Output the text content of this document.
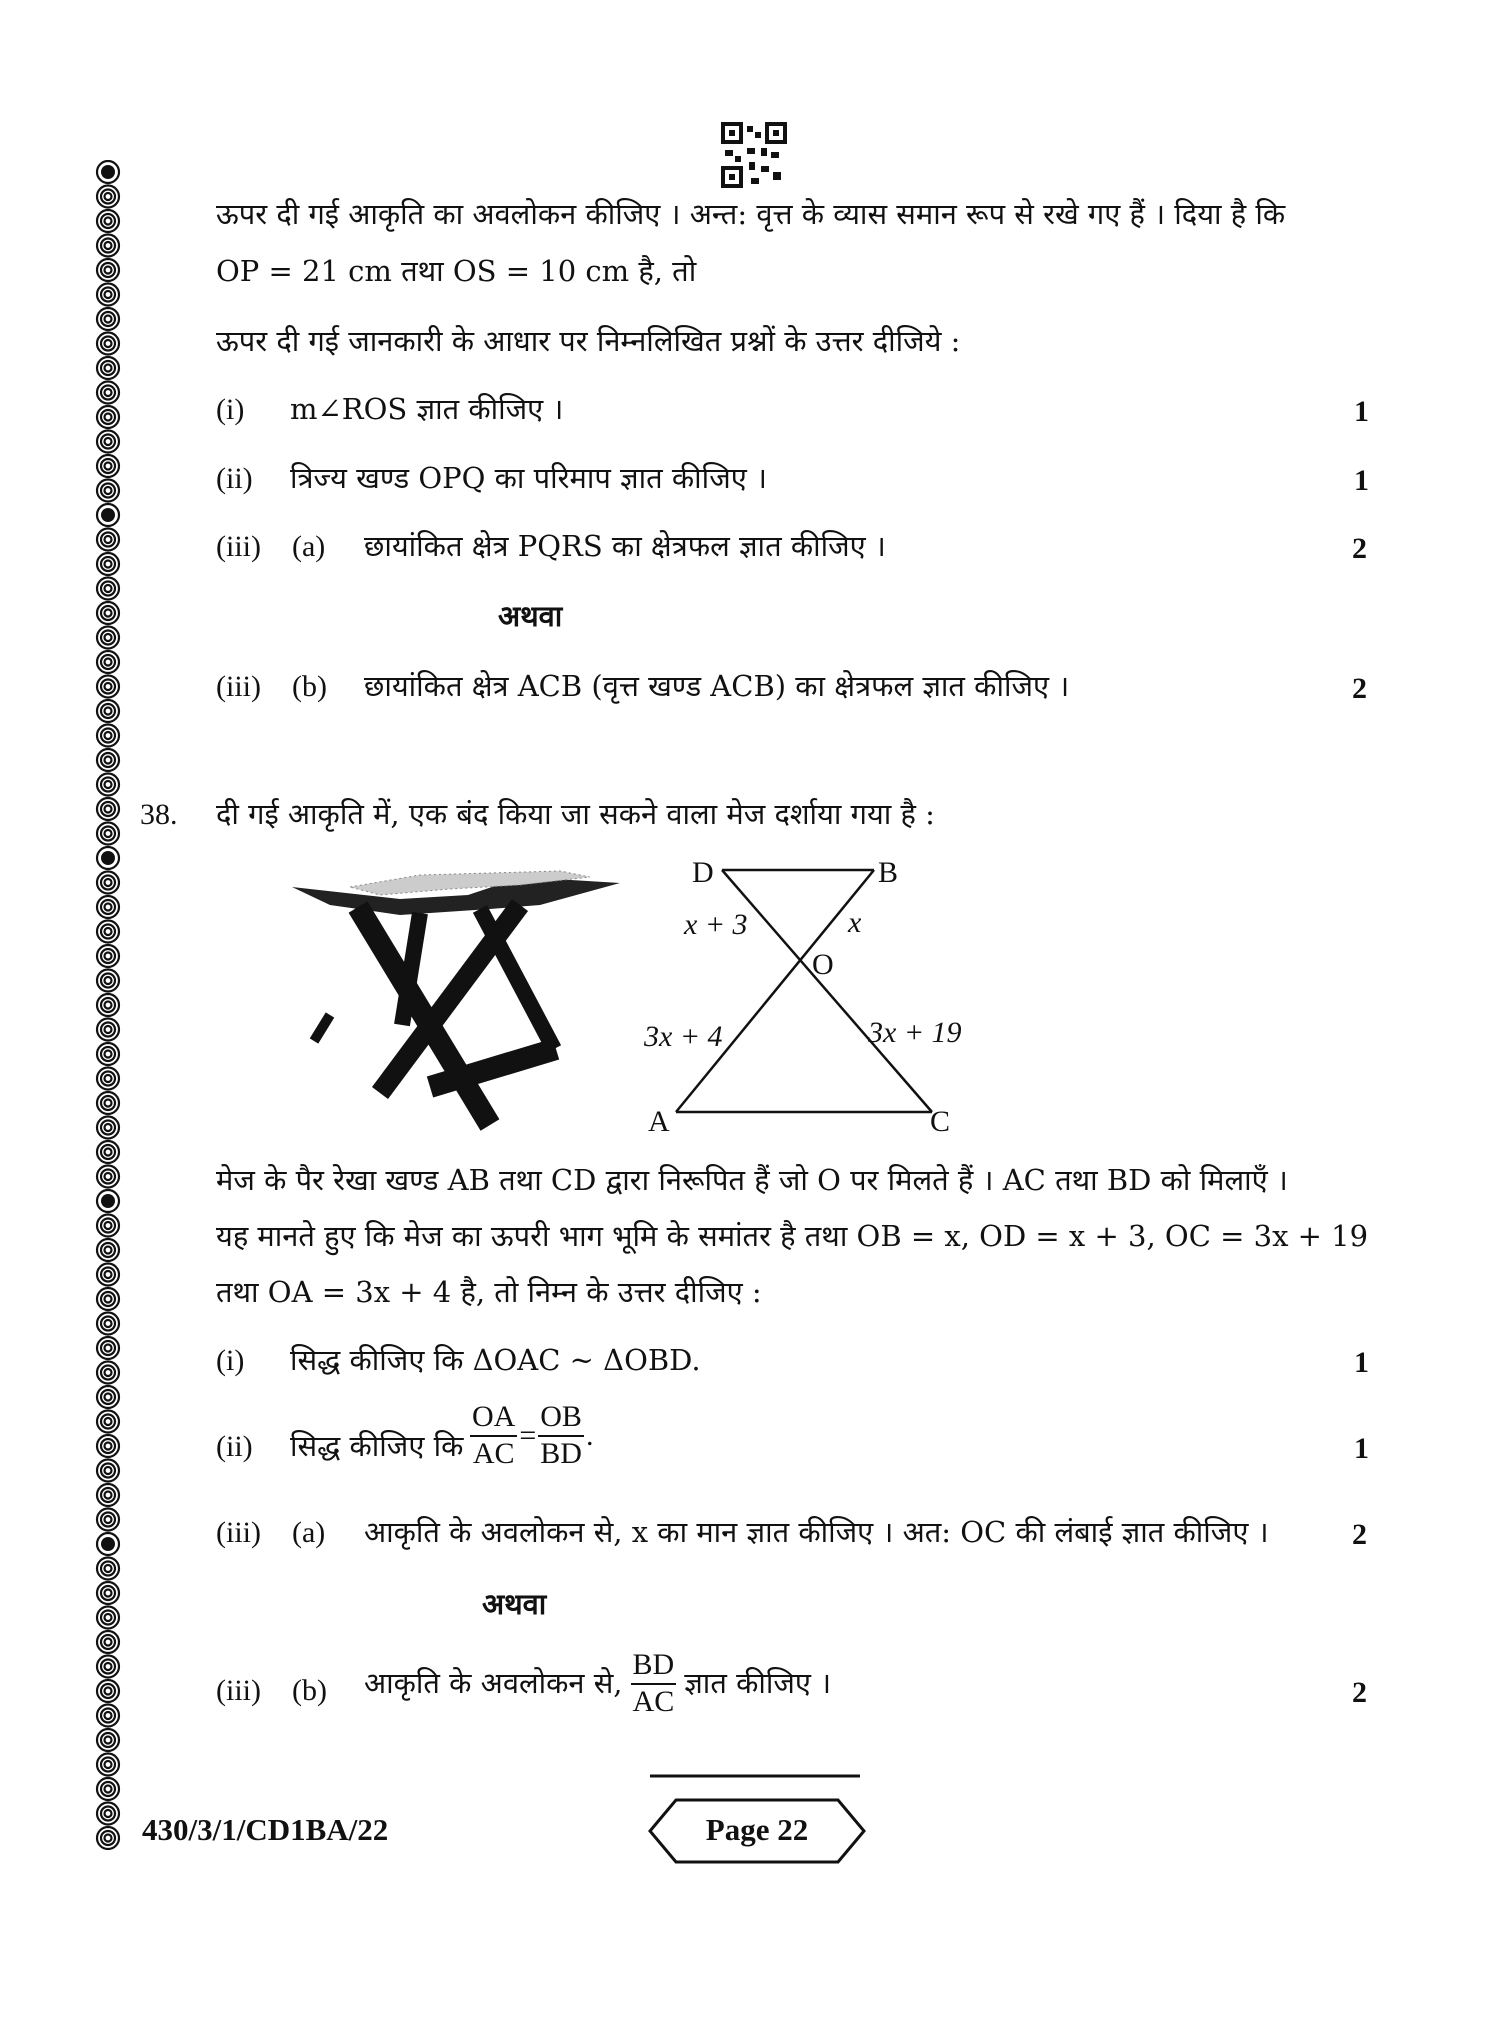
ऊपर दी गई आकृति का अवलोकन कीजिए । अन्त: वृत्त के व्यास समान रूप से रखे गए हैं । दिया है कि
OP = 21 cm तथा OS = 10 cm है, तो
ऊपर दी गई जानकारी के आधार पर निम्नलिखित प्रश्नों के उत्तर दीजिये :
(i) m∠ROS ज्ञात कीजिए ।	1
(ii) त्रिज्य खण्ड OPQ का परिमाप ज्ञात कीजिए ।	1
(iii) (a) छायांकित क्षेत्र PQRS का क्षेत्रफल ज्ञात कीजिए ।	2
अथवा
(iii) (b) छायांकित क्षेत्र ACB (वृत्त खण्ड ACB) का क्षेत्रफल ज्ञात कीजिए ।	2
38. दी गई आकृति में, एक बंद किया जा सकने वाला मेज दर्शाया गया है :
D	B
O
A	C
x + 3	x
3x + 4	3x + 19
मेज के पैर रेखा खण्ड AB तथा CD द्वारा निरूपित हैं जो O पर मिलते हैं । AC तथा BD को मिलाएँ ।
यह मानते हुए कि मेज का ऊपरी भाग भूमि के समांतर है तथा OB = x, OD = x + 3, OC = 3x + 19
तथा OA = 3x + 4 है, तो निम्न के उत्तर दीजिए :
(i) सिद्ध कीजिए कि ΔOAC ~ ΔOBD.	1
(ii) सिद्ध कीजिए कि $\frac{OA}{AC} = \frac{OB}{BD}$ .	1
(iii) (a) आकृति के अवलोकन से, x का मान ज्ञात कीजिए । अत: OC की लंबाई ज्ञात कीजिए ।	2
अथवा
(iii) (b) आकृति के अवलोकन से, $\frac{BD}{AC}$ ज्ञात कीजिए ।	2
430/3/1/CD1BA/22	Page 22
